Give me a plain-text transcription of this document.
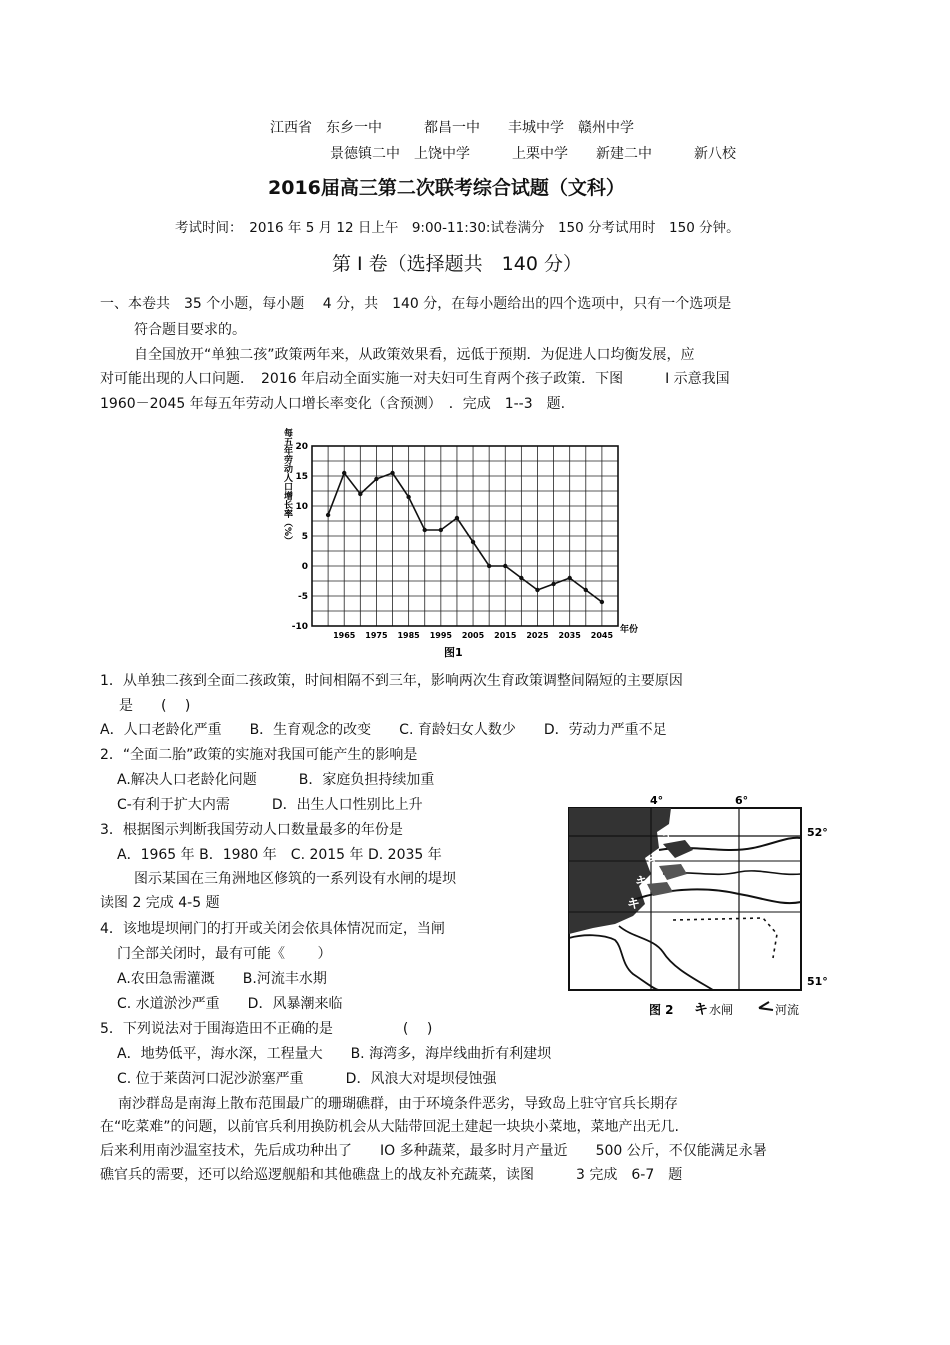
江西省　东乡一中　　　都昌一中　　丰城中学　赣州中学
景德镇二中　上饶中学　　　上栗中学　　新建二中　　　新八校
2016届高三第二次联考综合试题（文科）
考试时间：　2016 年 5 月 12 日上午　9:00-11:30:试卷满分　150 分考试用时　150 分钟。
第 I 卷（选择题共　140 分）
一、本卷共　35 个小题，每小题　 4 分，共　140 分，在每小题给出的四个选项中，只有一个选项是
符合题目要求的。
自全国放开“单独二孩”政策两年来，从政策效果看，远低于预期．为促进人口均衡发展，应
对可能出现的人口问题．　2016 年启动全面实施一对夫妇可生育两个孩子政策．下图　　　I 示意我国
1960－2045 年每五年劳动人口增长率变化（含预测）　．完成　1--3　题.
20
15
10
5
0
-5
-10
1965 1975 1985 1995 2005 2015 2025 2035 2045
每五年劳动人口增长率（%）
年份
图1
1．从单独二孩到全面二孩政策，时间相隔不到三年，影响两次生育政策调整间隔短的主要原因
是　　(　 )
A．人口老龄化严重　　B．生育观念的改变　　C. 育龄妇女人数少　　D．劳动力严重不足
2．“全面二胎”政策的实施对我国可能产生的影响是
A.解决人口老龄化问题　　　B．家庭负担持续加重
C-有利于扩大内需　　　D．出生人口性别比上升
3．根据图示判断我国劳动人口数量最多的年份是
A．1965 年 B．1980 年　C. 2015 年 D. 2035 年
图示某国在三角洲地区修筑的一系列设有水闸的堤坝
读图 2 完成 4-5 题
4．该地堤坝闸门的打开或关闭会依具体情况而定，当闸
门全部关闭时，最有可能《　　 ）
A.农田急需灌溉　　B.河流丰水期
C. 水道淤沙严重　　D．风暴潮来临
5．下列说法对于围海造田不正确的是　　　　　(　 )
A．地势低平，海水深，工程量大　　B. 海湾多，海岸线曲折有利建坝
C. 位于莱茵河口泥沙淤塞严重　　　D．风浪大对堤坝侵蚀强
4°	6°
52°
51°
キ
キ
キ
キ
图 2 キ 水闸	河流
南沙群岛是南海上散布范围最广的珊瑚礁群，由于环境条件恶劣，导致岛上驻守官兵长期存
在“吃菜难”的问题，以前官兵利用换防机会从大陆带回泥土建起一块块小菜地，菜地产出无几.
后来利用南沙温室技术，先后成功种出了　　IO 多种蔬菜，最多时月产量近　　500 公斤，不仅能满足永暑
礁官兵的需要，还可以给巡逻舰船和其他礁盘上的战友补充蔬菜，读图　　　3 完成　6-7　题
